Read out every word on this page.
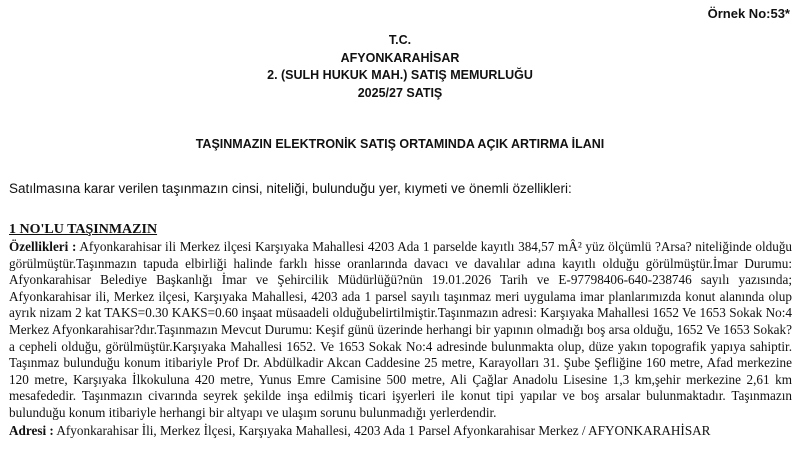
Örnek No:53*
T.C.
AFYONKARAHİSAR
2. (SULH HUKUK MAH.) SATIŞ MEMURLUĞU
2025/27 SATIŞ
TAŞINMAZIN ELEKTRONİK SATIŞ ORTAMINDA AÇIK ARTIRMA İLANI
Satılmasına karar verilen taşınmazın cinsi, niteliği, bulunduğu yer, kıymeti ve önemli özellikleri:
1 NO'LU TAŞINMAZIN

Özellikleri : Afyonkarahisar ili Merkez ilçesi Karşıyaka Mahallesi 4203 Ada 1 parselde kayıtlı 384,57 mÂ² yüz ölçümlü ?Arsa? niteliğinde olduğu görülmüştür.Taşınmazın tapuda elbirliği halinde farklı hisse oranlarında davacı ve davalılar adına kayıtlı olduğu görülmüştür.İmar Durumu: Afyonkarahisar Belediye Başkanlığı İmar ve Şehircilik Müdürlüğü?nün 19.01.2026 Tarih ve E-97798406-640-238746 sayılı yazısında; Afyonkarahisar ili, Merkez ilçesi, Karşıyaka Mahallesi, 4203 ada 1 parsel sayılı taşınmaz meri uygulama imar planlarımızda konut alanında olup ayrık nizam 2 kat TAKS=0.30 KAKS=0.60 inşaat müsaadeli olduğubelirtilmiştir.Taşınmazın adresi: Karşıyaka Mahallesi 1652 Ve 1653 Sokak No:4 Merkez Afyonkarahisar?dır.Taşınmazın Mevcut Durumu: Keşif günü üzerinde herhangi bir yapının olmadığı boş arsa olduğu, 1652 Ve 1653 Sokak?a cepheli olduğu, görülmüştür.Karşıyaka Mahallesi 1652. Ve 1653 Sokak No:4 adresinde bulunmakta olup, düze yakın topografik yapıya sahiptir. Taşınmaz bulunduğu konum itibariyle Prof Dr. Abdülkadir Akcan Caddesine 25 metre, Karayolları 31. Şube Şefliğine 160 metre, Afad merkezine 120 metre, Karşıyaka İlkokuluna 420 metre, Yunus Emre Camisine 500 metre, Ali Çağlar Anadolu Lisesine 1,3 km,şehir merkezine 2,61 km mesafededir. Taşınmazın civarında seyrek şekilde inşa edilmiş ticari işyerleri ile konut tipi yapılar ve boş arsalar bulunmaktadır. Taşınmazın bulunduğu konum itibariyle herhangi bir altyapı ve ulaşım sorunu bulunmadığı yerlerdendir.

Adresi : Afyonkarahisar İli, Merkez İlçesi, Karşıyaka Mahallesi, 4203 Ada 1 Parsel Afyonkarahisar Merkez / AFYONKARAHİSAR
